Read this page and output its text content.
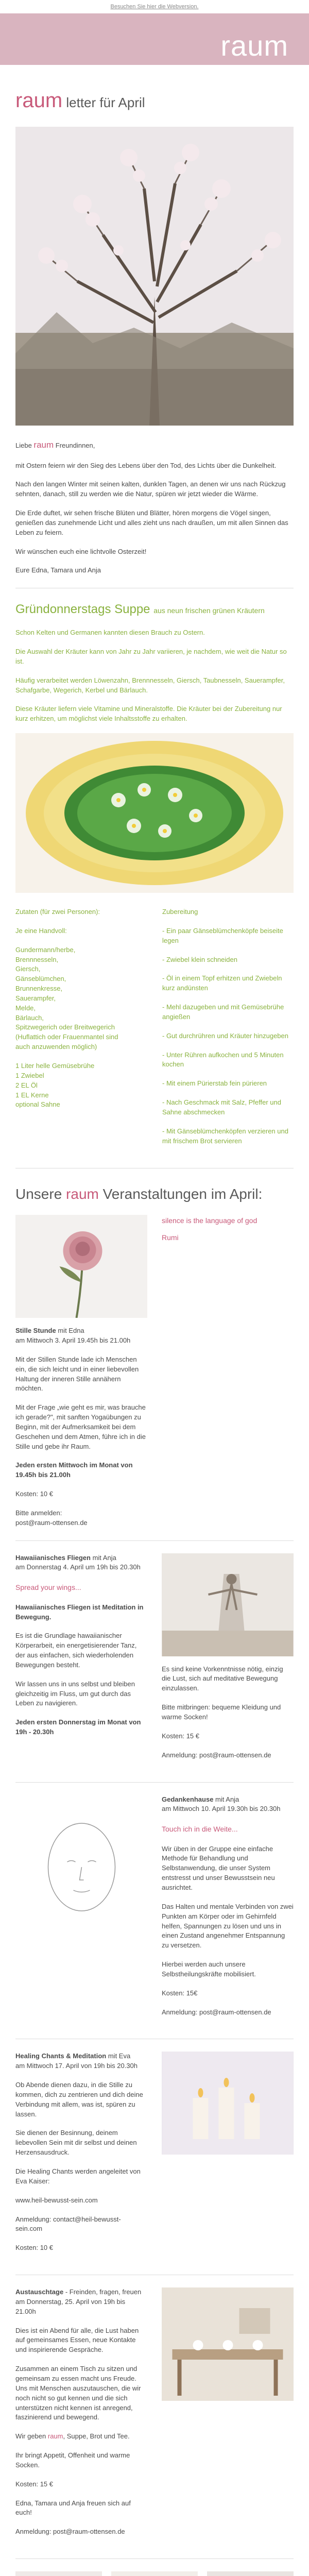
Besuchen Sie hier die Webversion.
raum
raum letter für April

Liebe raum Freundinnen,

mit Ostern feiern wir den Sieg des Lebens über den Tod, des Lichts über die Dunkelheit.

Nach den langen Winter mit seinen kalten, dunklen Tagen, an denen wir uns nach Rückzug sehnten, danach, still zu werden wie die Natur, spüren wir jetzt wieder die Wärme.

Die Erde duftet, wir sehen frische Blüten und Blätter, hören morgens die Vögel singen, genießen das zunehmende Licht und alles zieht uns nach draußen, um mit allen Sinnen das Leben zu feiern.

Wir wünschen euch eine lichtvolle Osterzeit!

Eure Edna, Tamara und Anja

Gründonnerstags Suppe aus neun frischen grünen Kräutern

Schon Kelten und Germanen kannten diesen Brauch zu Ostern.

Die Auswahl der Kräuter kann von Jahr zu Jahr variieren, je nachdem, wie weit die Natur so ist.

Häufig verarbeitet werden Löwenzahn, Brennnesseln, Giersch, Taubnesseln, Sauerampfer, Schafgarbe, Wegerich, Kerbel und Bärlauch.

Diese Kräuter liefern viele Vitamine und Mineralstoffe. Die Kräuter bei der Zubereitung nur kurz erhitzen, um möglichst viele Inhaltsstoffe zu erhalten.

Zutaten (für zwei Personen):

Je eine Handvoll:

Gundermann/herbe,
Brennnesseln,
Giersch,
Gänseblümchen,
Brunnenkresse,
Sauerampfer,
Melde,
Bärlauch,
Spitzwegerich oder Breitwegerich
(Huflattich oder Frauenmantel sind
auch anzuwenden möglich)
1 Liter helle Gemüsebrühe
1 Zwiebel
2 EL Öl
1 EL Kerne
optional Sahne

Zubereitung

- Ein paar Gänseblümchenköpfe beiseite legen

- Zwiebel klein schneiden

- Öl in einem Topf erhitzen und Zwiebeln kurz andünsten

- Mehl dazugeben und mit Gemüsebrühe angießen

- Gut durchrühren und Kräuter hinzugeben

- Unter Rühren aufkochen und 5 Minuten kochen

- Mit einem Pürierstab fein pürieren

- Nach Geschmack mit Salz, Pfeffer und Sahne abschmecken

- Mit Gänseblümchenköpfen verzieren und mit frischem Brot servieren

Unsere raum Veranstaltungen im April:
Stille Stunde mit Edna

am Mittwoch 3. April 19.45h bis 21.00h

Mit der Stillen Stunde lade ich Menschen ein, die sich leicht und in einer liebevollen Haltung der inneren Stille annähern möchten.

Mit der Frage „wie geht es mir, was brauche ich gerade?", mit sanften Yogaübungen zu Beginn, mit der Aufmerksamkeit bei dem Geschehen und dem Atmen, führe ich in die Stille und gebe ihr Raum.

Jeden ersten Mittwoch im Monat von 19.45h bis 21.00h

Kosten: 10 €

Bitte anmelden:
post@raum-ottensen.de
silence is the language of god
Rumi
Hawaiianisches Fliegen mit Anja

am Donnerstag 4. April um 19h bis 20.30h

Spread your wings...

Hawaiianisches Fliegen ist Meditation in Bewegung.

Es ist die Grundlage hawaiianischer Körperarbeit, ein energetisierender Tanz, der aus einfachen, sich wiederholenden Bewegungen besteht.

Wir lassen uns in uns selbst und bleiben gleichzeitig im Fluss, um gut durch das Leben zu navigieren.

Jeden ersten Donnerstag im Monat von 19h - 20.30h

Es sind keine Vorkenntnisse nötig, einzig die Lust, sich auf meditative Bewegung einzulassen.

Bitte mitbringen: bequeme Kleidung und warme Socken!

Kosten: 15 €

Anmeldung: post@raum-ottensen.de

Gedankenhause mit Anja

am Mittwoch 10. April 19.30h bis 20.30h

Touch ich in die Weite...

Wir üben in der Gruppe eine einfache Methode für Behandlung und Selbstanwendung, die unser System entstresst und unser Bewusstsein neu ausrichtet.

Das Halten und mentale Verbinden von zwei Punkten am Körper oder im Gehirnfeld helfen, Spannungen zu lösen und uns in einen Zustand angenehmer Entspannung zu versetzen.

Hierbei werden auch unsere Selbstheilungskräfte mobilisiert.

Kosten: 15€

Anmeldung: post@raum-ottensen.de

Healing Chants & Meditation mit Eva

am Mittwoch 17. April von 19h bis 20.30h

Ob Abende dienen dazu, in die Stille zu kommen, dich zu zentrieren und dich deine Verbindung mit allem, was ist, spüren zu lassen.

Sie dienen der Besinnung, deinem liebevollen Sein mit dir selbst und deinen Herzensausdruck.

Die Healing Chants werden angeleitet von Eva Kaiser:

www.heil-bewusst-sein.com

Anmeldung: contact@heil-bewusst-sein.com

Kosten: 10 €

Austauschtage - Freinden, fragen, freuen

am Donnerstag, 25. April von 19h bis 21.00h

Dies ist ein Abend für alle, die Lust haben auf gemeinsames Essen, neue Kontakte und inspirierende Gespräche.

Zusammen an einem Tisch zu sitzen und gemeinsam zu essen macht uns Freude. Uns mit Menschen auszutauschen, die wir noch nicht so gut kennen und die sich unterstützen nicht kennen ist anregend, faszinierend und bewegend.

Wir geben raum, Suppe, Brot und Tee.

Ihr bringt Appetit, Offenheit und warme Socken.

Kosten: 15 €

Edna, Tamara und Anja freuen sich auf euch!

Anmeldung: post@raum-ottensen.de
